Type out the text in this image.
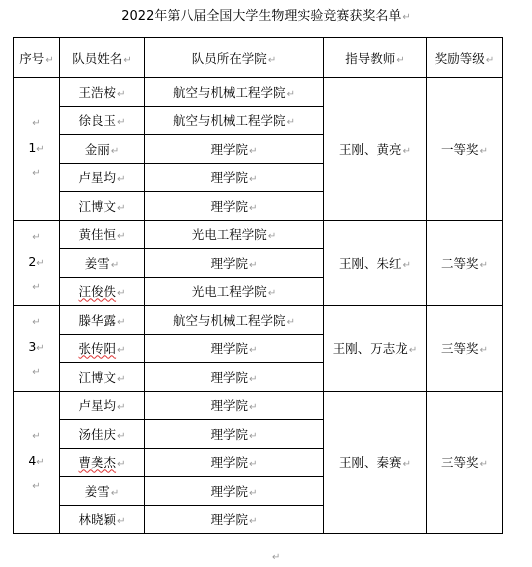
2022年第八届全国大学生物理实验竞赛获奖名单↵
序号↵	队员姓名↵	队员所在学院↵	指导教师↵	奖励等级↵

↵
1↵
↵	王浩桉↵	航空与机械工程学院↵	王刚、黄亮↵	一等奖↵
	徐良玉↵	航空与机械工程学院↵		
	金丽↵	理学院↵		
	卢星均↵	理学院↵		
	江博文↵	理学院↵		

↵
2↵
↵	黄佳恒↵	光电工程学院↵	王刚、朱红↵	二等奖↵
	姜雪↵	理学院↵		
	汪俊佚↵	光电工程学院↵		

↵
3↵
↵	滕华露↵	航空与机械工程学院↵	王刚、万志龙↵	三等奖↵
	张传阳↵	理学院↵		
	江博文↵	理学院↵		

↵
4↵
↵	卢星均↵	理学院↵	王刚、秦赛↵	三等奖↵
	汤佳庆↵	理学院↵		
	曹䶮杰↵	理学院↵		
	姜雪↵	理学院↵		
	林晓颖↵	理学院↵		
↵
